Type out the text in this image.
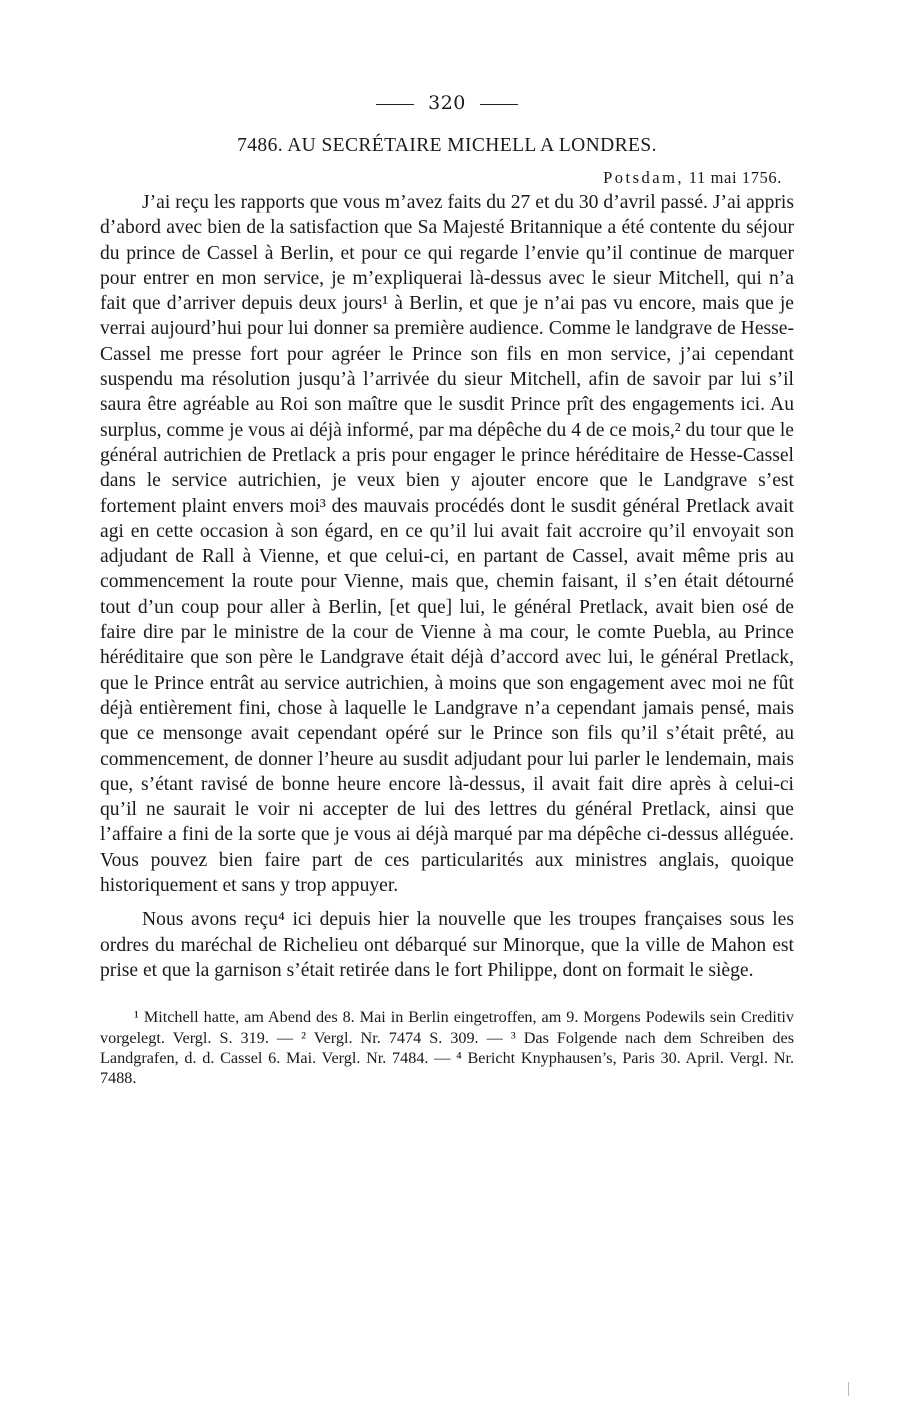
320
7486. AU SECRÉTAIRE MICHELL A LONDRES.
Potsdam, 11 mai 1756.

J’ai reçu les rapports que vous m’avez faits du 27 et du 30 d’avril passé. J’ai appris d’abord avec bien de la satisfaction que Sa Majesté Britannique a été contente du séjour du prince de Cassel à Berlin, et pour ce qui regarde l’envie qu’il continue de marquer pour entrer en mon service, je m’expliquerai là-dessus avec le sieur Mitchell, qui n’a fait que d’arriver depuis deux jours¹ à Berlin, et que je n’ai pas vu encore, mais que je verrai aujourd’hui pour lui donner sa première audience. Comme le landgrave de Hesse-Cassel me presse fort pour agréer le Prince son fils en mon service, j’ai cependant suspendu ma résolution jusqu’à l’arrivée du sieur Mitchell, afin de savoir par lui s’il saura être agréable au Roi son maître que le susdit Prince prît des engagements ici. Au surplus, comme je vous ai déjà informé, par ma dépêche du 4 de ce mois,² du tour que le général autrichien de Pretlack a pris pour engager le prince héréditaire de Hesse-Cassel dans le service autrichien, je veux bien y ajouter encore que le Landgrave s’est fortement plaint envers moi³ des mauvais procédés dont le susdit général Pretlack avait agi en cette occasion à son égard, en ce qu’il lui avait fait accroire qu’il envoyait son adjudant de Rall à Vienne, et que celui-ci, en partant de Cassel, avait même pris au commencement la route pour Vienne, mais que, chemin faisant, il s’en était détourné tout d’un coup pour aller à Berlin, [et que] lui, le général Pretlack, avait bien osé de faire dire par le ministre de la cour de Vienne à ma cour, le comte Puebla, au Prince héréditaire que son père le Landgrave était déjà d’accord avec lui, le général Pretlack, que le Prince entrât au service autrichien, à moins que son engagement avec moi ne fût déjà entièrement fini, chose à laquelle le Landgrave n’a cependant jamais pensé, mais que ce mensonge avait cependant opéré sur le Prince son fils qu’il s’était prêté, au commencement, de donner l’heure au susdit adjudant pour lui parler le lendemain, mais que, s’étant ravisé de bonne heure encore là-dessus, il avait fait dire après à celui-ci qu’il ne saurait le voir ni accepter de lui des lettres du général Pretlack, ainsi que l’affaire a fini de la sorte que je vous ai déjà marqué par ma dépêche ci-dessus alléguée. Vous pouvez bien faire part de ces particularités aux ministres anglais, quoique historiquement et sans y trop appuyer.

Nous avons reçu⁴ ici depuis hier la nouvelle que les troupes françaises sous les ordres du maréchal de Richelieu ont débarqué sur Minorque, que la ville de Mahon est prise et que la garnison s’était retirée dans le fort Philippe, dont on formait le siège.

¹ Mitchell hatte, am Abend des 8. Mai in Berlin eingetroffen, am 9. Morgens Podewils sein Creditiv vorgelegt. Vergl. S. 319. — ² Vergl. Nr. 7474 S. 309. — ³ Das Folgende nach dem Schreiben des Landgrafen, d. d. Cassel 6. Mai. Vergl. Nr. 7484. — ⁴ Bericht Knyphausen’s, Paris 30. April. Vergl. Nr. 7488.
